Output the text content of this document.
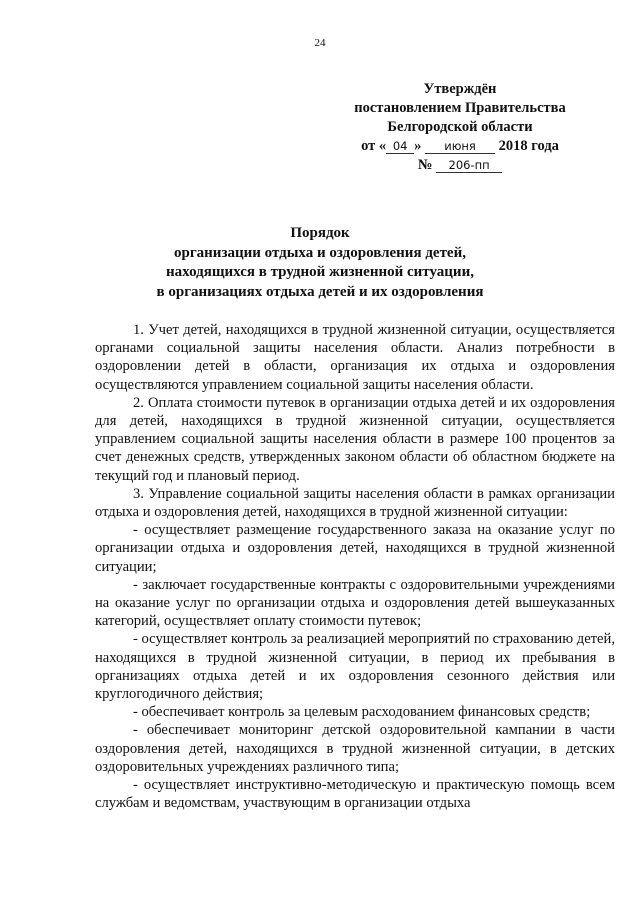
24
Утверждён
постановлением Правительства
Белгородской области
от « 04 » июня 2018 года
№ 206-пп
Порядок
организации отдыха и оздоровления детей,
находящихся в трудной жизненной ситуации,
в организациях отдыха детей и их оздоровления

1. Учет детей, находящихся в трудной жизненной ситуации, осуществляется органами социальной защиты населения области. Анализ потребности в оздоровлении детей в области, организация их отдыха и оздоровления осуществляются управлением социальной защиты населения области.

2. Оплата стоимости путевок в организации отдыха детей и их оздоровления для детей, находящихся в трудной жизненной ситуации, осуществляется управлением социальной защиты населения области в размере 100 процентов за счет денежных средств, утвержденных законом области об областном бюджете на текущий год и плановый период.

3. Управление социальной защиты населения области в рамках организации отдыха и оздоровления детей, находящихся в трудной жизненной ситуации:

- осуществляет размещение государственного заказа на оказание услуг по организации отдыха и оздоровления детей, находящихся в трудной жизненной ситуации;

- заключает государственные контракты с оздоровительными учреждениями на оказание услуг по организации отдыха и оздоровления детей вышеуказанных категорий, осуществляет оплату стоимости путевок;

- осуществляет контроль за реализацией мероприятий по страхованию детей, находящихся в трудной жизненной ситуации, в период их пребывания в организациях отдыха детей и их оздоровления сезонного действия или круглогодичного действия;

- обеспечивает контроль за целевым расходованием финансовых средств;

- обеспечивает мониторинг детской оздоровительной кампании в части оздоровления детей, находящихся в трудной жизненной ситуации, в детских оздоровительных учреждениях различного типа;

- осуществляет инструктивно-методическую и практическую помощь всем службам и ведомствам, участвующим в организации отдыха
